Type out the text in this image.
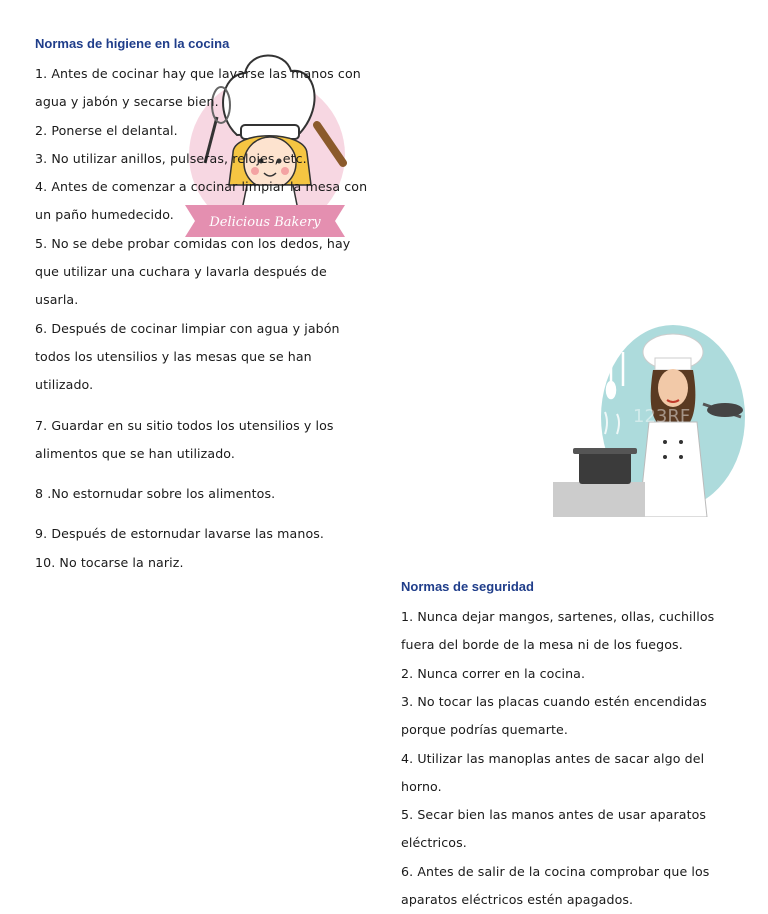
Delicious Bakery
123RF
Normas de higiene en la cocina

1. Antes de cocinar hay que lavarse las manos con agua y jabón y secarse bien.

2. Ponerse el delantal.

3. No utilizar anillos, pulseras, relojes, etc.

4. Antes de comenzar a cocinar limpiar la mesa con un paño humedecido.

5. No se debe probar comidas con los dedos, hay que utilizar una cuchara y lavarla después de usarla.

6. Después de cocinar limpiar con agua y jabón todos los utensilios y las mesas que se han utilizado.

7. Guardar en su sitio todos los utensilios y los alimentos que se han utilizado.

8 .No estornudar sobre los alimentos.

9. Después de estornudar lavarse las manos.

10. No tocarse la nariz.

Normas de seguridad

1. Nunca dejar mangos, sartenes, ollas, cuchillos fuera del borde de la mesa ni de los fuegos.

2. Nunca correr en la cocina.

3. No tocar las placas cuando estén encendidas porque podrías quemarte.

4. Utilizar las manoplas antes de sacar algo del horno.

5. Secar bien las manos antes de usar aparatos eléctricos.

6. Antes de salir de la cocina comprobar que los aparatos eléctricos estén apagados.
